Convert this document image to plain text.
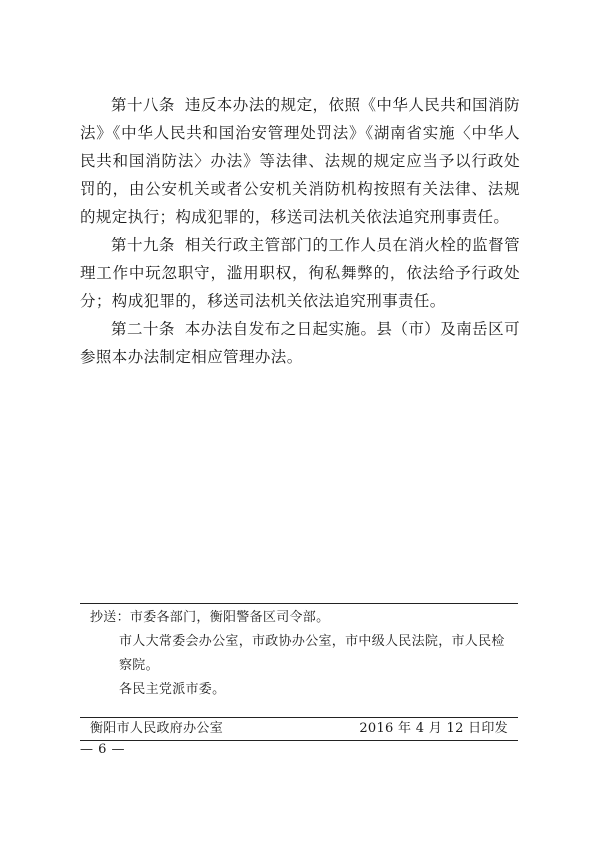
第十八条 违反本办法的规定，依照《中华人民共和国消防法》《中华人民共和国治安管理处罚法》《湖南省实施〈中华人民共和国消防法〉办法》等法律、法规的规定应当予以行政处罚的，由公安机关或者公安机关消防机构按照有关法律、法规的规定执行；构成犯罪的，移送司法机关依法追究刑事责任。

第十九条 相关行政主管部门的工作人员在消火栓的监督管理工作中玩忽职守，滥用职权，徇私舞弊的，依法给予行政处分；构成犯罪的，移送司法机关依法追究刑事责任。

第二十条 本办法自发布之日起实施。县（市）及南岳区可参照本办法制定相应管理办法。

抄送：市委各部门，衡阳警备区司令部。

市人大常委会办公室，市政协办公室，市中级人民法院，市人民检察院。

各民主党派市委。

衡阳市人民政府办公室	2016 年 4 月 12 日印发
— 6 —
